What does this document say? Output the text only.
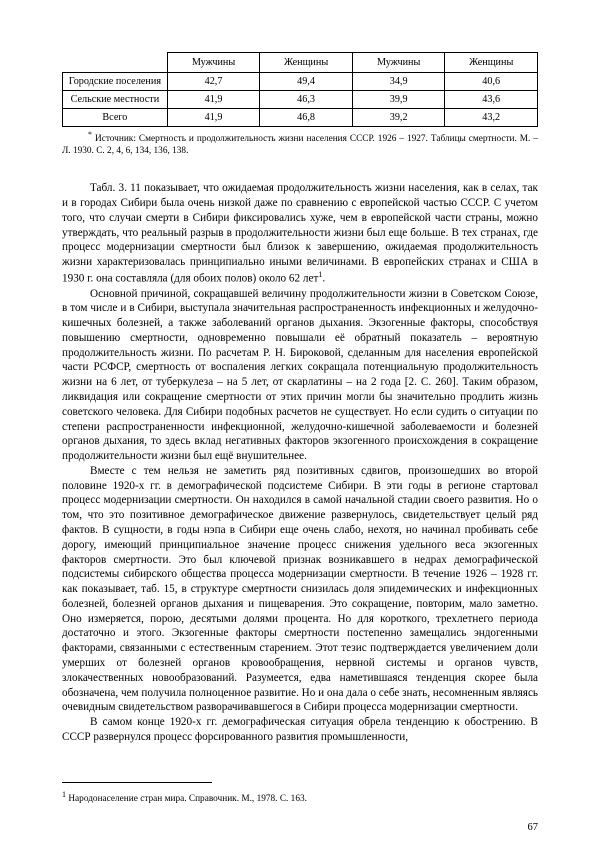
	Мужчины	Женщины	Мужчины	Женщины
Городские поселения	42,7	49,4	34,9	40,6
Сельские местности	41,9	46,3	39,9	43,6
Всего	41,9	46,8	39,2	43,2
* Источник: Смертность и продолжительность жизни населения СССР. 1926 – 1927. Таблицы смертности. М. – Л. 1930. С. 2, 4, 6, 134, 136, 138.

Табл. 3. 11 показывает, что ожидаемая продолжительность жизни населения, как в селах, так и в городах Сибири была очень низкой даже по сравнению с европейской частью СССР. С учетом того, что случаи смерти в Сибири фиксировались хуже, чем в европейской части страны, можно утверждать, что реальный разрыв в продолжительности жизни был еще больше. В тех странах, где процесс модернизации смертности был близок к завершению, ожидаемая продолжительность жизни характеризовалась принципиально иными величинами. В европейских странах и США в 1930 г. она составляла (для обоих полов) около 62 лет$^1$.

Основной причиной, сокращавшей величину продолжительности жизни в Советском Союзе, в том числе и в Сибири, выступала значительная распространенность инфекционных и желудочно-кишечных болезней, а также заболеваний органов дыхания. Экзогенные факторы, способствуя повышению смертности, одновременно повышали её обратный показатель – вероятную продолжительность жизни. По расчетам Р. Н. Бироковой, сделанным для населения европейской части РСФСР, смертность от воспаления легких сокращала потенциальную продолжительность жизни на 6 лет, от туберкулеза – на 5 лет, от скарлатины – на 2 года [2. С. 260]. Таким образом, ликвидация или сокращение смертности от этих причин могли бы значительно продлить жизнь советского человека. Для Сибири подобных расчетов не существует. Но если судить о ситуации по степени распространенности инфекционной, желудочно-кишечной заболеваемости и болезней органов дыхания, то здесь вклад негативных факторов экзогенного происхождения в сокращение продолжительности жизни был ещё внушительнее.

Вместе с тем нельзя не заметить ряд позитивных сдвигов, произошедших во второй половине 1920-х гг. в демографической подсистеме Сибири. В эти годы в регионе стартовал процесс модернизации смертности. Он находился в самой начальной стадии своего развития. Но о том, что это позитивное демографическое движение развернулось, свидетельствует целый ряд фактов. В сущности, в годы нэпа в Сибири еще очень слабо, нехотя, но начинал пробивать себе дорогу, имеющий принципиальное значение процесс снижения удельного веса экзогенных факторов смертности. Это был ключевой признак возникавшего в недрах демографической подсистемы сибирского общества процесса модернизации смертности. В течение 1926 – 1928 гг. как показывает, таб. 15, в структуре смертности снизилась доля эпидемических и инфекционных болезней, болезней органов дыхания и пищеварения. Это сокращение, повторим, мало заметно. Оно измеряется, порою, десятыми долями процента. Но для короткого, трехлетнего периода достаточно и этого. Экзогенные факторы смертности постепенно замещались эндогенными факторами, связанными с естественным старением. Этот тезис подтверждается увеличением доли умерших от болезней органов кровообращения, нервной системы и органов чувств, злокачественных новообразований. Разумеется, едва наметившаяся тенденция скорее была обозначена, чем получила полноценное развитие. Но и она дала о себе знать, несомненным являясь очевидным свидетельством разворачивавшегося в Сибири процесса модернизации смертности.

В самом конце 1920-х гг. демографическая ситуация обрела тенденцию к обострению. В СССР развернулся процесс форсированного развития промышленности,

$^1$ Народонаселение стран мира. Справочник. М., 1978. С. 163.
67
